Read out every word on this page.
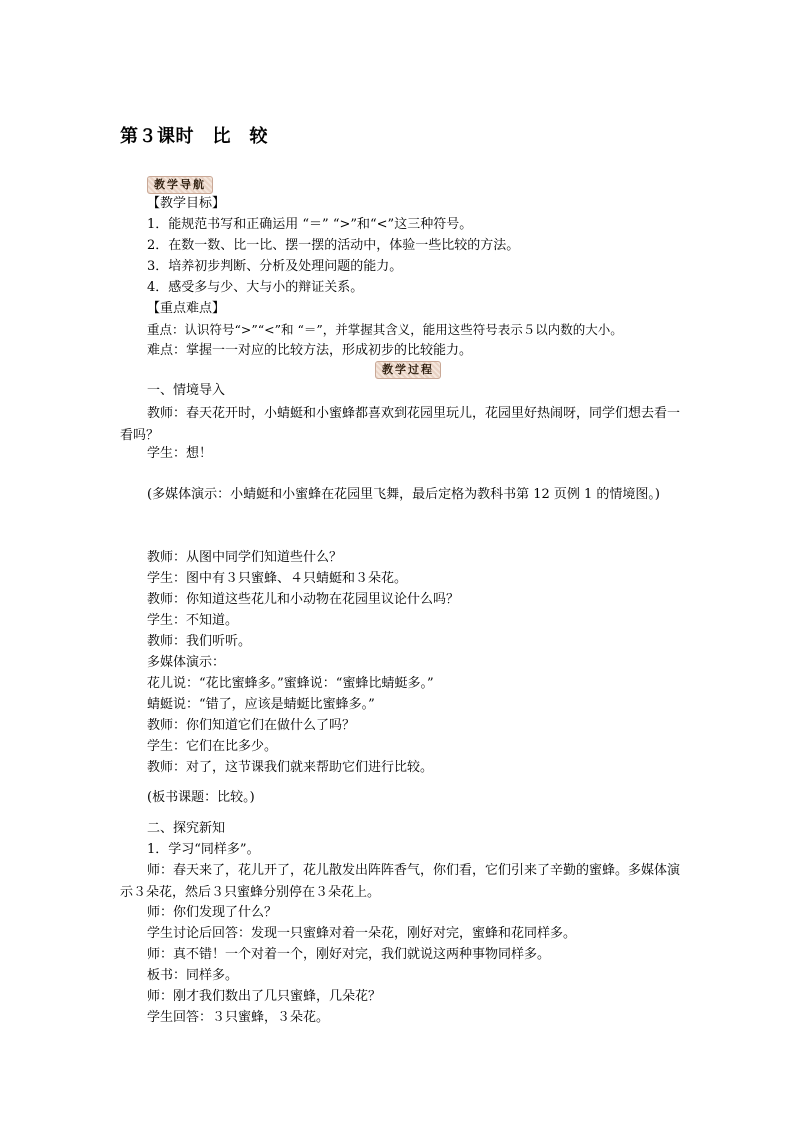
第３课时　比　较
教学导航
【教学目标】
1．能规范书写和正确运用 “＝” “>”和“<”这三种符号。
2．在数一数、比一比、摆一摆的活动中，体验一些比较的方法。
3．培养初步判断、分析及处理问题的能力。
4．感受多与少、大与小的辩证关系。
【重点难点】
重点：认识符号“>”“<”和 “＝”，并掌握其含义，能用这些符号表示５以内数的大小。
难点：掌握一一对应的比较方法，形成初步的比较能力。
教学过程
一、情境导入
教师：春天花开时，小蜻蜓和小蜜蜂都喜欢到花园里玩儿，花园里好热闹呀，同学们想去看一看吗？
学生：想！
(多媒体演示：小蜻蜓和小蜜蜂在花园里飞舞，最后定格为教科书第 12 页例 1 的情境图。)
教师：从图中同学们知道些什么？
学生：图中有３只蜜蜂、４只蜻蜓和３朵花。
教师：你知道这些花儿和小动物在花园里议论什么吗？
学生：不知道。
教师：我们听听。
多媒体演示：
花儿说：“花比蜜蜂多。”蜜蜂说：“蜜蜂比蜻蜓多。”
蜻蜓说：“错了，应该是蜻蜓比蜜蜂多。”
教师：你们知道它们在做什么了吗？
学生：它们在比多少。
教师：对了，这节课我们就来帮助它们进行比较。
(板书课题：比较。)
二、探究新知
1．学习“同样多”。
师：春天来了，花儿开了，花儿散发出阵阵香气，你们看，它们引来了辛勤的蜜蜂。多媒体演示３朵花，然后３只蜜蜂分别停在３朵花上。
师：你们发现了什么？
学生讨论后回答：发现一只蜜蜂对着一朵花，刚好对完，蜜蜂和花同样多。
师：真不错！一个对着一个，刚好对完，我们就说这两种事物同样多。
板书：同样多。
师：刚才我们数出了几只蜜蜂，几朵花？
学生回答：３只蜜蜂，３朵花。
